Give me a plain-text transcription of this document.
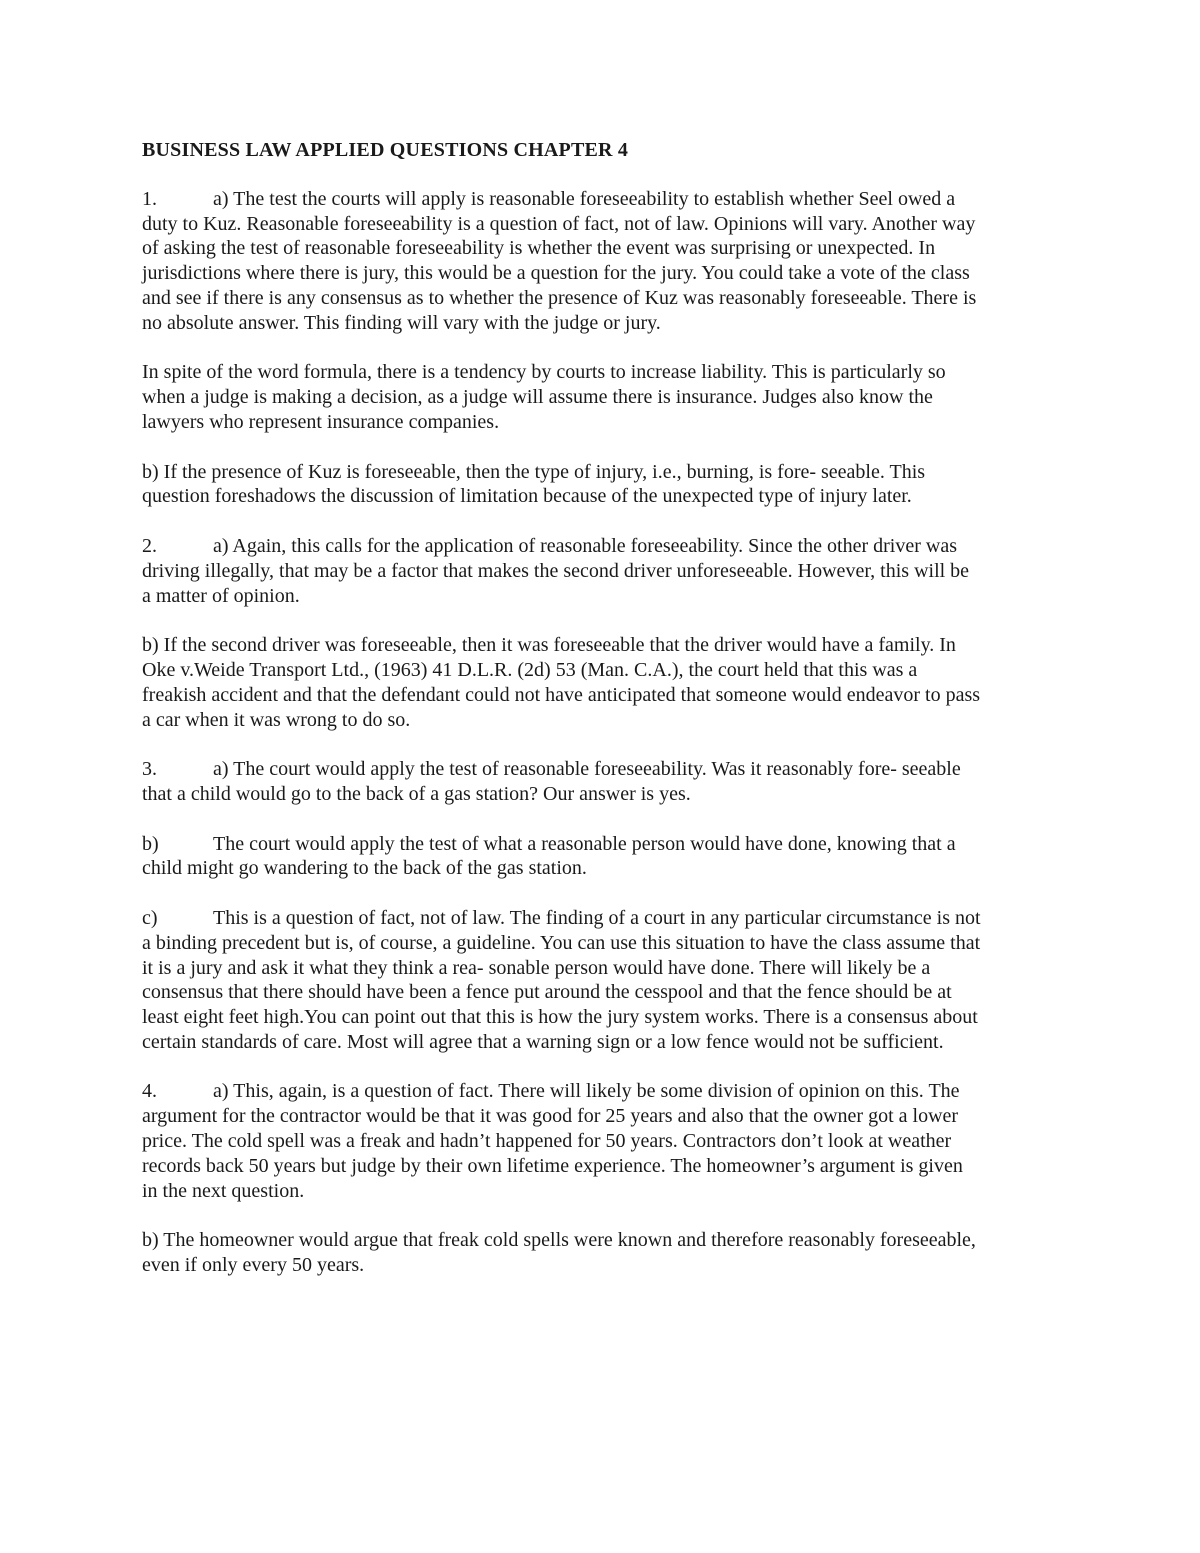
BUSINESS LAW APPLIED QUESTIONS CHAPTER 4
1.	a) The test the courts will apply is reasonable foreseeability to establish whether Seel owed a duty to Kuz. Reasonable foreseeability is a question of fact, not of law. Opinions will vary. Another way of asking the test of reasonable foreseeability is whether the event was surprising or unexpected. In jurisdictions where there is jury, this would be a question for the jury. You could take a vote of the class and see if there is any consensus as to whether the presence of Kuz was reasonably foreseeable. There is no absolute answer. This finding will vary with the judge or jury.
In spite of the word formula, there is a tendency by courts to increase liability. This is particularly so when a judge is making a decision, as a judge will assume there is insurance. Judges also know the lawyers who represent insurance companies.
b) If the presence of Kuz is foreseeable, then the type of injury, i.e., burning, is fore- seeable. This question foreshadows the discussion of limitation because of the unexpected type of injury later.
2.	a) Again, this calls for the application of reasonable foreseeability. Since the other driver was driving illegally, that may be a factor that makes the second driver unforeseeable. However, this will be a matter of opinion.
b) If the second driver was foreseeable, then it was foreseeable that the driver would have a family. In Oke v.Weide Transport Ltd., (1963) 41 D.L.R. (2d) 53 (Man. C.A.), the court held that this was a freakish accident and that the defendant could not have anticipated that someone would endeavor to pass a car when it was wrong to do so.
3.	a) The court would apply the test of reasonable foreseeability. Was it reasonably fore- seeable that a child would go to the back of a gas station? Our answer is yes.
b)	The court would apply the test of what a reasonable person would have done, knowing that a child might go wandering to the back of the gas station.
c)	This is a question of fact, not of law. The finding of a court in any particular circumstance is not a binding precedent but is, of course, a guideline. You can use this situation to have the class assume that it is a jury and ask it what they think a rea- sonable person would have done. There will likely be a consensus that there should have been a fence put around the cesspool and that the fence should be at least eight feet high.You can point out that this is how the jury system works. There is a consensus about certain standards of care. Most will agree that a warning sign or a low fence would not be sufficient.
4.	a) This, again, is a question of fact. There will likely be some division of opinion on this. The argument for the contractor would be that it was good for 25 years and also that the owner got a lower price. The cold spell was a freak and hadn’t happened for 50 years. Contractors don’t look at weather records back 50 years but judge by their own lifetime experience. The homeowner’s argument is given in the next question.
b) The homeowner would argue that freak cold spells were known and therefore reasonably foreseeable, even if only every 50 years.
